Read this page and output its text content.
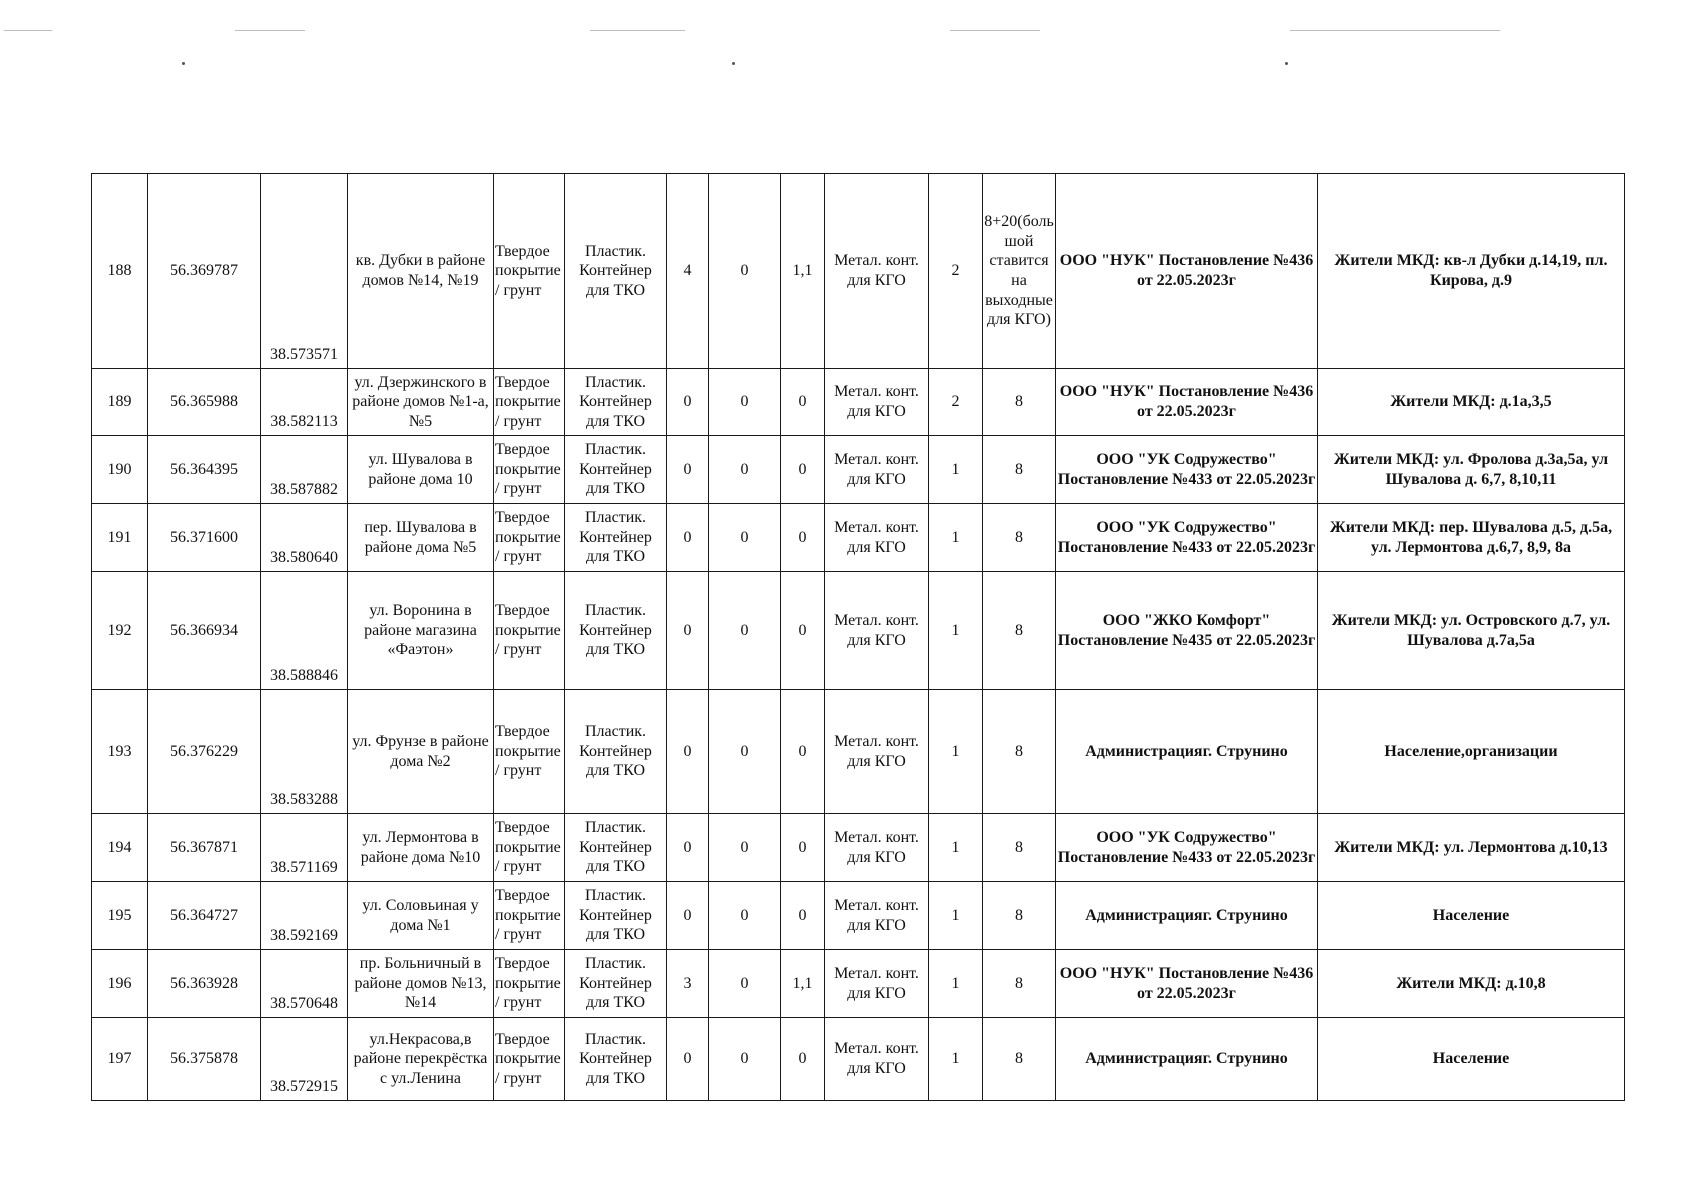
188	56.369787	38.573571	кв. Дубки в районе домов №14, №19	Твердое покрытие / грунт	Пластик. Контейнер для ТКО	4	0	1,1	Метал. конт. для КГО	2	8+20(большой ставится на выходные для КГО)	ООО "НУК" Постановление №436 от 22.05.2023г	Жители МКД: кв-л Дубки д.14,19, пл. Кирова, д.9
189	56.365988	38.582113	ул. Дзержинского в районе домов №1-а, №5	Твердое покрытие / грунт	Пластик. Контейнер для ТКО	0	0	0	Метал. конт. для КГО	2	8	ООО "НУК" Постановление №436 от 22.05.2023г	Жители МКД: д.1а,3,5
190	56.364395	38.587882	ул. Шувалова в районе дома 10	Твердое покрытие / грунт	Пластик. Контейнер для ТКО	0	0	0	Метал. конт. для КГО	1	8	ООО "УК Содружество" Постановление №433 от 22.05.2023г	Жители МКД: ул. Фролова д.3а,5а, ул Шувалова д. 6,7, 8,10,11
191	56.371600	38.580640	пер. Шувалова в районе дома №5	Твердое покрытие / грунт	Пластик. Контейнер для ТКО	0	0	0	Метал. конт. для КГО	1	8	ООО "УК Содружество" Постановление №433 от 22.05.2023г	Жители МКД: пер. Шувалова д.5, д.5а, ул. Лермонтова д.6,7, 8,9, 8а
192	56.366934	38.588846	ул. Воронина в районе магазина «Фаэтон»	Твердое покрытие / грунт	Пластик. Контейнер для ТКО	0	0	0	Метал. конт. для КГО	1	8	ООО "ЖКО Комфорт" Постановление №435 от 22.05.2023г	Жители МКД: ул. Островского д.7, ул. Шувалова д.7а,5а
193	56.376229	38.583288	ул. Фрунзе в районе дома №2	Твердое покрытие / грунт	Пластик. Контейнер для ТКО	0	0	0	Метал. конт. для КГО	1	8	Администрацияг. Струнино	Население,организации
194	56.367871	38.571169	ул. Лермонтова в районе дома №10	Твердое покрытие / грунт	Пластик. Контейнер для ТКО	0	0	0	Метал. конт. для КГО	1	8	ООО "УК Содружество" Постановление №433 от 22.05.2023г	Жители МКД: ул. Лермонтова д.10,13
195	56.364727	38.592169	ул. Соловьиная у дома №1	Твердое покрытие / грунт	Пластик. Контейнер для ТКО	0	0	0	Метал. конт. для КГО	1	8	Администрацияг. Струнино	Население
196	56.363928	38.570648	пр. Больничный в районе домов №13, №14	Твердое покрытие / грунт	Пластик. Контейнер для ТКО	3	0	1,1	Метал. конт. для КГО	1	8	ООО "НУК" Постановление №436 от 22.05.2023г	Жители МКД: д.10,8
197	56.375878	38.572915	ул.Некрасова,в районе перекрёстка с ул.Ленина	Твердое покрытие / грунт	Пластик. Контейнер для ТКО	0	0	0	Метал. конт. для КГО	1	8	Администрацияг. Струнино	Население
